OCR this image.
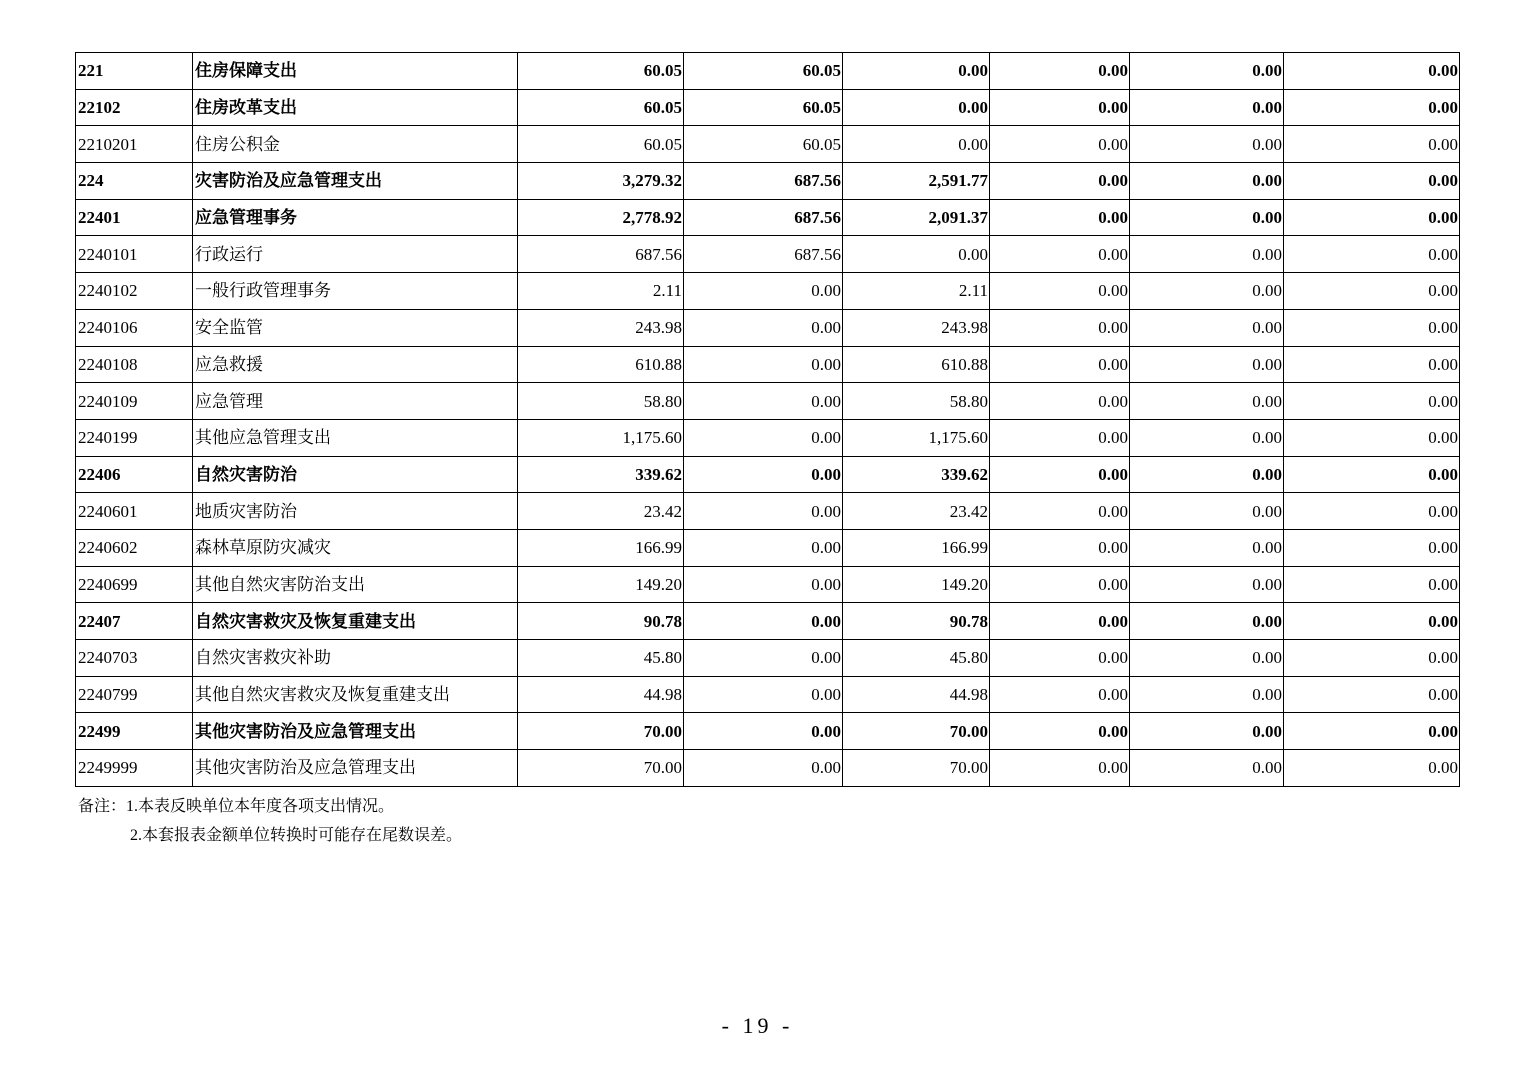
221	住房保障支出	60.05	60.05	0.00	0.00	0.00	0.00
22102	住房改革支出	60.05	60.05	0.00	0.00	0.00	0.00
2210201	住房公积金	60.05	60.05	0.00	0.00	0.00	0.00
224	灾害防治及应急管理支出	3,279.32	687.56	2,591.77	0.00	0.00	0.00
22401	应急管理事务	2,778.92	687.56	2,091.37	0.00	0.00	0.00
2240101	行政运行	687.56	687.56	0.00	0.00	0.00	0.00
2240102	一般行政管理事务	2.11	0.00	2.11	0.00	0.00	0.00
2240106	安全监管	243.98	0.00	243.98	0.00	0.00	0.00
2240108	应急救援	610.88	0.00	610.88	0.00	0.00	0.00
2240109	应急管理	58.80	0.00	58.80	0.00	0.00	0.00
2240199	其他应急管理支出	1,175.60	0.00	1,175.60	0.00	0.00	0.00
22406	自然灾害防治	339.62	0.00	339.62	0.00	0.00	0.00
2240601	地质灾害防治	23.42	0.00	23.42	0.00	0.00	0.00
2240602	森林草原防灾减灾	166.99	0.00	166.99	0.00	0.00	0.00
2240699	其他自然灾害防治支出	149.20	0.00	149.20	0.00	0.00	0.00
22407	自然灾害救灾及恢复重建支出	90.78	0.00	90.78	0.00	0.00	0.00
2240703	自然灾害救灾补助	45.80	0.00	45.80	0.00	0.00	0.00
2240799	其他自然灾害救灾及恢复重建支出	44.98	0.00	44.98	0.00	0.00	0.00
22499	其他灾害防治及应急管理支出	70.00	0.00	70.00	0.00	0.00	0.00
2249999	其他灾害防治及应急管理支出	70.00	0.00	70.00	0.00	0.00	0.00
备注：1.本表反映单位本年度各项支出情况。
2.本套报表金额单位转换时可能存在尾数误差。
- 19 -
